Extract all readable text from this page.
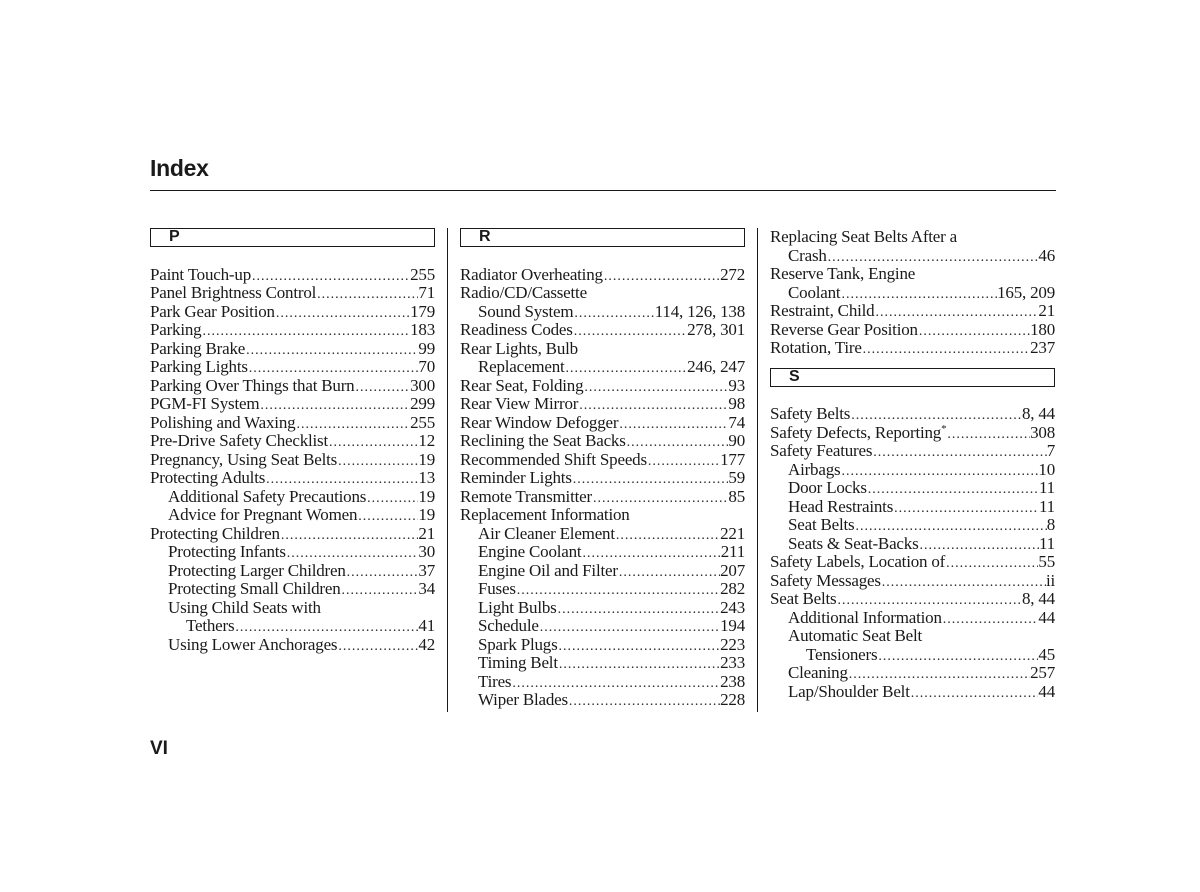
Index
P
Paint Touch-up .....	255
Panel Brightness Control .....	71
Park Gear Position .....	179
Parking .....	183
Parking Brake .....	99
Parking Lights .....	70
Parking Over Things that Burn .....	300
PGM-FI System .....	299
Polishing and Waxing .....	255
Pre-Drive Safety Checklist .....	12
Pregnancy, Using Seat Belts .....	19
Protecting Adults .....	13
Additional Safety Precautions .....	19
Advice for Pregnant Women .....	19
Protecting Children .....	21
Protecting Infants .....	30
Protecting Larger Children .....	37
Protecting Small Children .....	34
Using Child Seats with
Tethers .....	41
Using Lower Anchorages .....	42
R
Radiator Overheating .....	272
Radio/CD/Cassette
Sound System .....	114, 126, 138
Readiness Codes .....	278, 301
Rear Lights, Bulb
Replacement .....	246, 247
Rear Seat, Folding .....	93
Rear View Mirror .....	98
Rear Window Defogger .....	74
Reclining the Seat Backs .....	90
Recommended Shift Speeds .....	177
Reminder Lights .....	59
Remote Transmitter .....	85
Replacement Information
Air Cleaner Element .....	221
Engine Coolant .....	211
Engine Oil and Filter .....	207
Fuses .....	282
Light Bulbs .....	243
Schedule .....	194
Spark Plugs .....	223
Timing Belt .....	233
Tires .....	238
Wiper Blades .....	228
Replacing Seat Belts After a
Crash .....	46
Reserve Tank, Engine
Coolant .....	165, 209
Restraint, Child .....	21
Reverse Gear Position .....	180
Rotation, Tire .....	237
S
Safety Belts .....	8, 44
Safety Defects, Reporting * .....	308
Safety Features .....	7
Airbags .....	10
Door Locks .....	11
Head Restraints .....	11
Seat Belts .....	8
Seats & Seat-Backs .....	11
Safety Labels, Location of .....	55
Safety Messages .....	ii
Seat Belts .....	8, 44
Additional Information .....	44
Automatic Seat Belt
Tensioners .....	45
Cleaning .....	257
Lap/Shoulder Belt .....	44
VI
